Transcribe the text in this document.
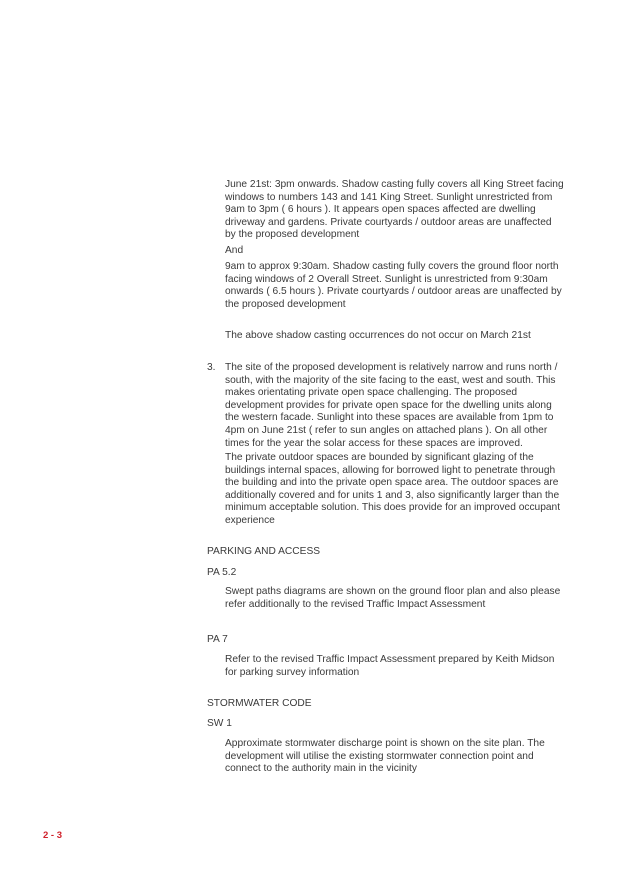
June 21st: 3pm onwards. Shadow casting fully covers all King Street facing
windows to numbers 143 and 141 King Street. Sunlight unrestricted from
9am to 3pm ( 6 hours ). It appears open spaces affected are dwelling
driveway and gardens. Private courtyards / outdoor areas are unaffected
by the proposed development
And
9am to approx 9:30am. Shadow casting fully covers the ground floor north
facing windows of 2 Overall Street. Sunlight is unrestricted from 9:30am
onwards ( 6.5 hours ). Private courtyards / outdoor areas are unaffected by
the proposed development
The above shadow casting occurrences do not occur on March 21st
3. The site of the proposed development is relatively narrow and runs north /
south, with the majority of the site facing to the east, west and south. This
makes orientating private open space challenging. The proposed
development provides for private open space for the dwelling units along
the western facade. Sunlight into these spaces are available from 1pm to
4pm on June 21st ( refer to sun angles on attached plans ). On all other
times for the year the solar access for these spaces are improved.
The private outdoor spaces are bounded by significant glazing of the
buildings internal spaces, allowing for borrowed light to penetrate through
the building and into the private open space area. The outdoor spaces are
additionally covered and for units 1 and 3, also significantly larger than the
minimum acceptable solution. This does provide for an improved occupant
experience
PARKING AND ACCESS
PA 5.2
Swept paths diagrams are shown on the ground floor plan and also please
refer additionally to the revised Traffic Impact Assessment
PA 7
Refer to the revised Traffic Impact Assessment prepared by Keith Midson
for parking survey information
STORMWATER CODE
SW 1
Approximate stormwater discharge point is shown on the site plan. The
development will utilise the existing stormwater connection point and
connect to the authority main in the vicinity
2 - 3
